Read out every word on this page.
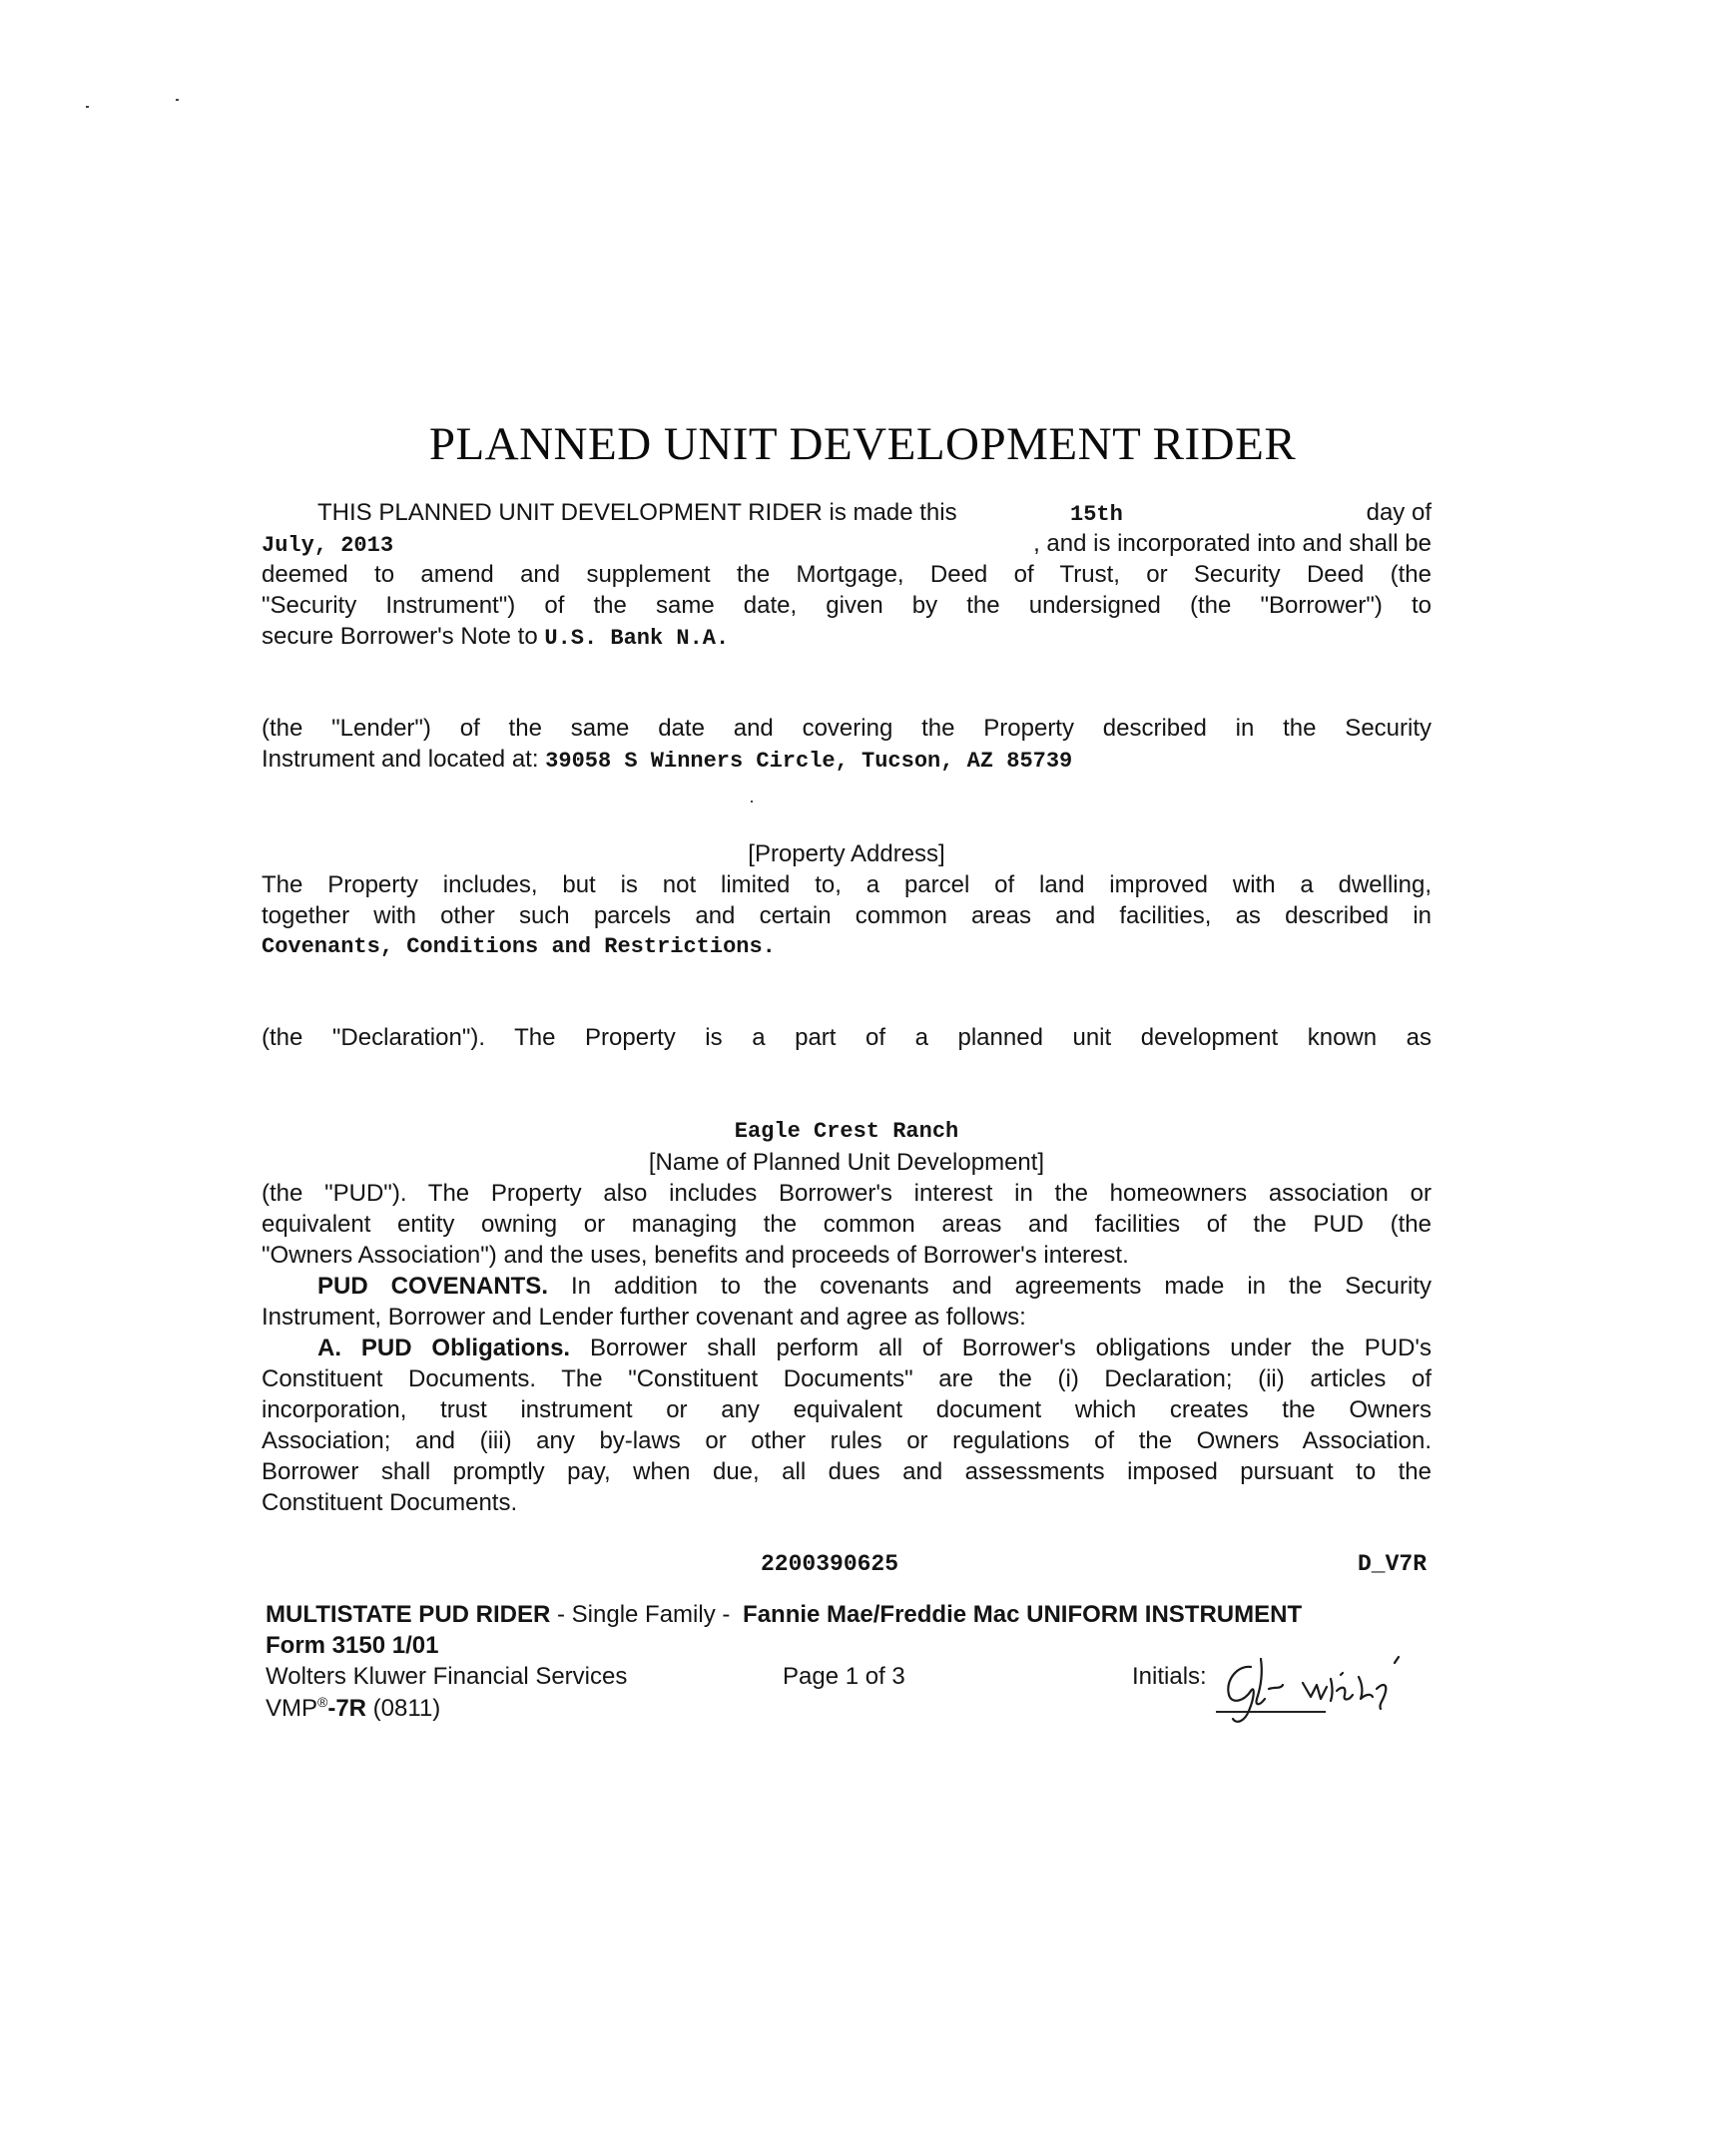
PLANNED UNIT DEVELOPMENT RIDER
THIS PLANNED UNIT DEVELOPMENT RIDER is made this	15th	day of
July, 2013	, and is incorporated into and shall be
deemed to amend and supplement the Mortgage, Deed of Trust, or Security Deed (the
"Security Instrument") of the same date, given by the undersigned (the "Borrower") to
secure Borrower's Note to U.S. Bank N.A.
(the "Lender") of the same date and covering the Property described in the Security
Instrument and located at: 39058 S Winners Circle, Tucson, AZ 85739
[Property Address]
The Property includes, but is not limited to, a parcel of land improved with a dwelling,
together with other such parcels and certain common areas and facilities, as described in
Covenants, Conditions and Restrictions.
(the "Declaration"). The Property is a part of a planned unit development known as
Eagle Crest Ranch
[Name of Planned Unit Development]
(the "PUD"). The Property also includes Borrower's interest in the homeowners association or
equivalent entity owning or managing the common areas and facilities of the PUD (the
"Owners Association") and the uses, benefits and proceeds of Borrower's interest.
PUD COVENANTS. In addition to the covenants and agreements made in the Security
Instrument, Borrower and Lender further covenant and agree as follows:
A. PUD Obligations. Borrower shall perform all of Borrower's obligations under the PUD's
Constituent Documents. The "Constituent Documents" are the (i) Declaration; (ii) articles of
incorporation, trust instrument or any equivalent document which creates the Owners
Association; and (iii) any by-laws or other rules or regulations of the Owners Association.
Borrower shall promptly pay, when due, all dues and assessments imposed pursuant to the
Constituent Documents.
2200390625	D_V7R
MULTISTATE PUD RIDER - Single Family - Fannie Mae/Freddie Mac UNIFORM INSTRUMENT
Form 3150 1/01
Wolters Kluwer Financial Services	Page 1 of 3	Initials:
VMP®-7R (0811)
